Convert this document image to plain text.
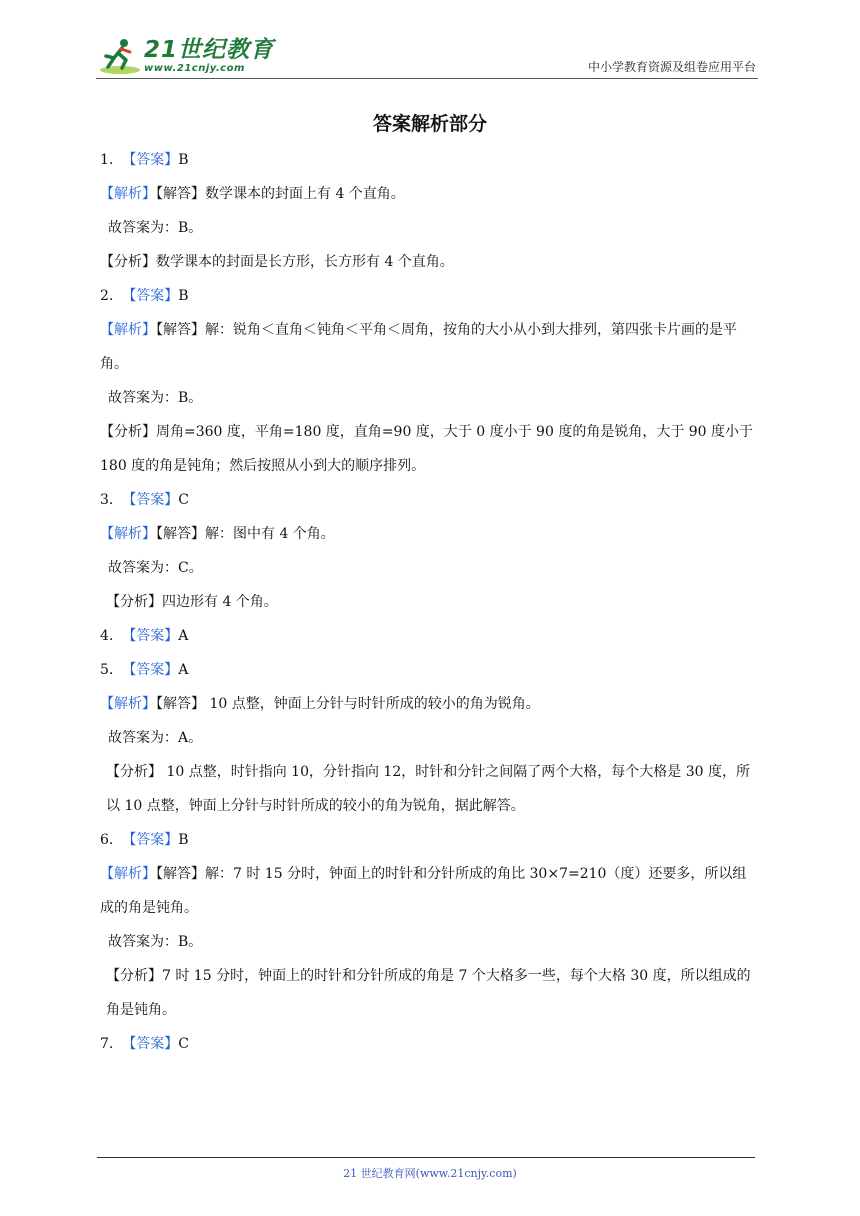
21世纪教育
www.21cnjy.com	中小学教育资源及组卷应用平台
答案解析部分
1. 【答案】B
【解析】【解答】数学课本的封面上有 4 个直角。
故答案为：B。
【分析】数学课本的封面是长方形，长方形有 4 个直角。
2. 【答案】B
【解析】【解答】解：锐角＜直角＜钝角＜平角＜周角，按角的大小从小到大排列，第四张卡片画的是平角。
故答案为：B。
【分析】周角=360 度，平角=180 度，直角=90 度，大于 0 度小于 90 度的角是锐角，大于 90 度小于 180 度的角是钝角；然后按照从小到大的顺序排列。
3. 【答案】C
【解析】【解答】解：图中有 4 个角。
故答案为：C。
【分析】四边形有 4 个角。
4. 【答案】A
5. 【答案】A
【解析】【解答】 10 点整，钟面上分针与时针所成的较小的角为锐角。
故答案为：A。
【分析】 10 点整，时针指向 10，分针指向 12，时针和分针之间隔了两个大格，每个大格是 30 度，所以 10 点整，钟面上分针与时针所成的较小的角为锐角，据此解答。
6. 【答案】B
【解析】【解答】解：7 时 15 分时，钟面上的时针和分针所成的角比 30×7=210（度）还要多，所以组成的角是钝角。
故答案为：B。
【分析】7 时 15 分时，钟面上的时针和分针所成的角是 7 个大格多一些，每个大格 30 度，所以组成的角是钝角。
7. 【答案】C
21 世纪教育网(www.21cnjy.com)
